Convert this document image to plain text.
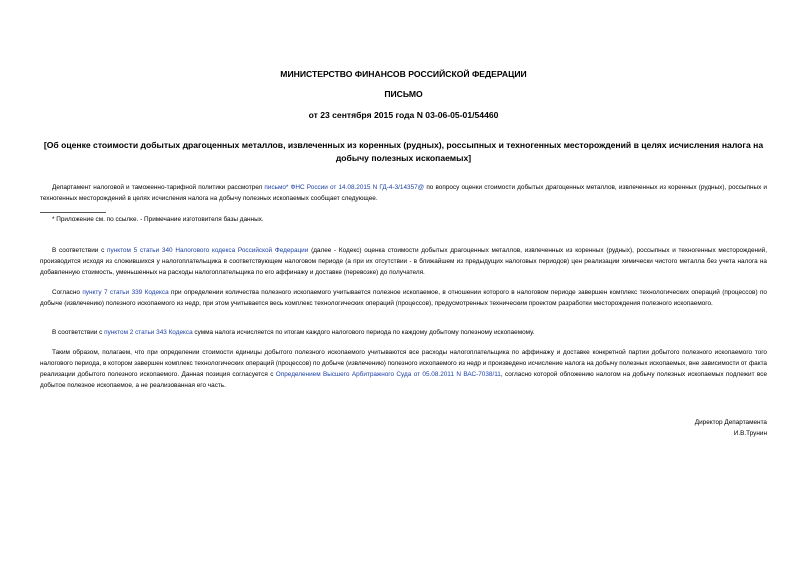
МИНИСТЕРСТВО ФИНАНСОВ РОССИЙСКОЙ ФЕДЕРАЦИИ
ПИСЬМО
от 23 сентября 2015 года N 03-06-05-01/54460
[Об оценке стоимости добытых драгоценных металлов, извлеченных из коренных (рудных), россыпных и техногенных месторождений в целях исчисления налога на добычу полезных ископаемых]
Департамент налоговой и таможенно-тарифной политики рассмотрел письмо* ФНС России от 14.08.2015 N ГД-4-3/14357@ по вопросу оценки стоимости добытых драгоценных металлов, извлеченных из коренных (рудных), россыпных и техногенных месторождений в целях исчисления налога на добычу полезных ископаемых сообщает следующее.
* Приложение см. по ссылке. - Примечание изготовителя базы данных.
В соответствии с пунктом 5 статьи 340 Налогового кодекса Российской Федерации (далее - Кодекс) оценка стоимости добытых драгоценных металлов, извлеченных из коренных (рудных), россыпных и техногенных месторождений, производится исходя из сложившихся у налогоплательщика в соответствующем налоговом периоде (а при их отсутствии - в ближайшем из предыдущих налоговых периодов) цен реализации химически чистого металла без учета налога на добавленную стоимость, уменьшенных на расходы налогоплательщика по его аффинажу и доставке (перевозке) до получателя.
Согласно пункту 7 статьи 339 Кодекса при определении количества полезного ископаемого учитывается полезное ископаемое, в отношении которого в налоговом периоде завершен комплекс технологических операций (процессов) по добыче (извлечению) полезного ископаемого из недр, при этом учитывается весь комплекс технологических операций (процессов), предусмотренных техническим проектом разработки месторождения полезного ископаемого.
В соответствии с пунктом 2 статьи 343 Кодекса сумма налога исчисляется по итогам каждого налогового периода по каждому добытому полезному ископаемому.
Таким образом, полагаем, что при определении стоимости единицы добытого полезного ископаемого учитываются все расходы налогоплательщика по аффинажу и доставке конкретной партии добытого полезного ископаемого того налогового периода, в котором завершен комплекс технологических операций (процессов) по добыче (извлечению) полезного ископаемого из недр и произведено исчисление налога на добычу полезных ископаемых, вне зависимости от факта реализации добытого полезного ископаемого. Данная позиция согласуется с Определением Высшего Арбитражного Суда от 05.08.2011 N ВАС-7038/11, согласно которой обложению налогом на добычу полезных ископаемых подлежит все добытое полезное ископаемое, а не реализованная его часть.
Директор Департамента
И.В.Трунин
